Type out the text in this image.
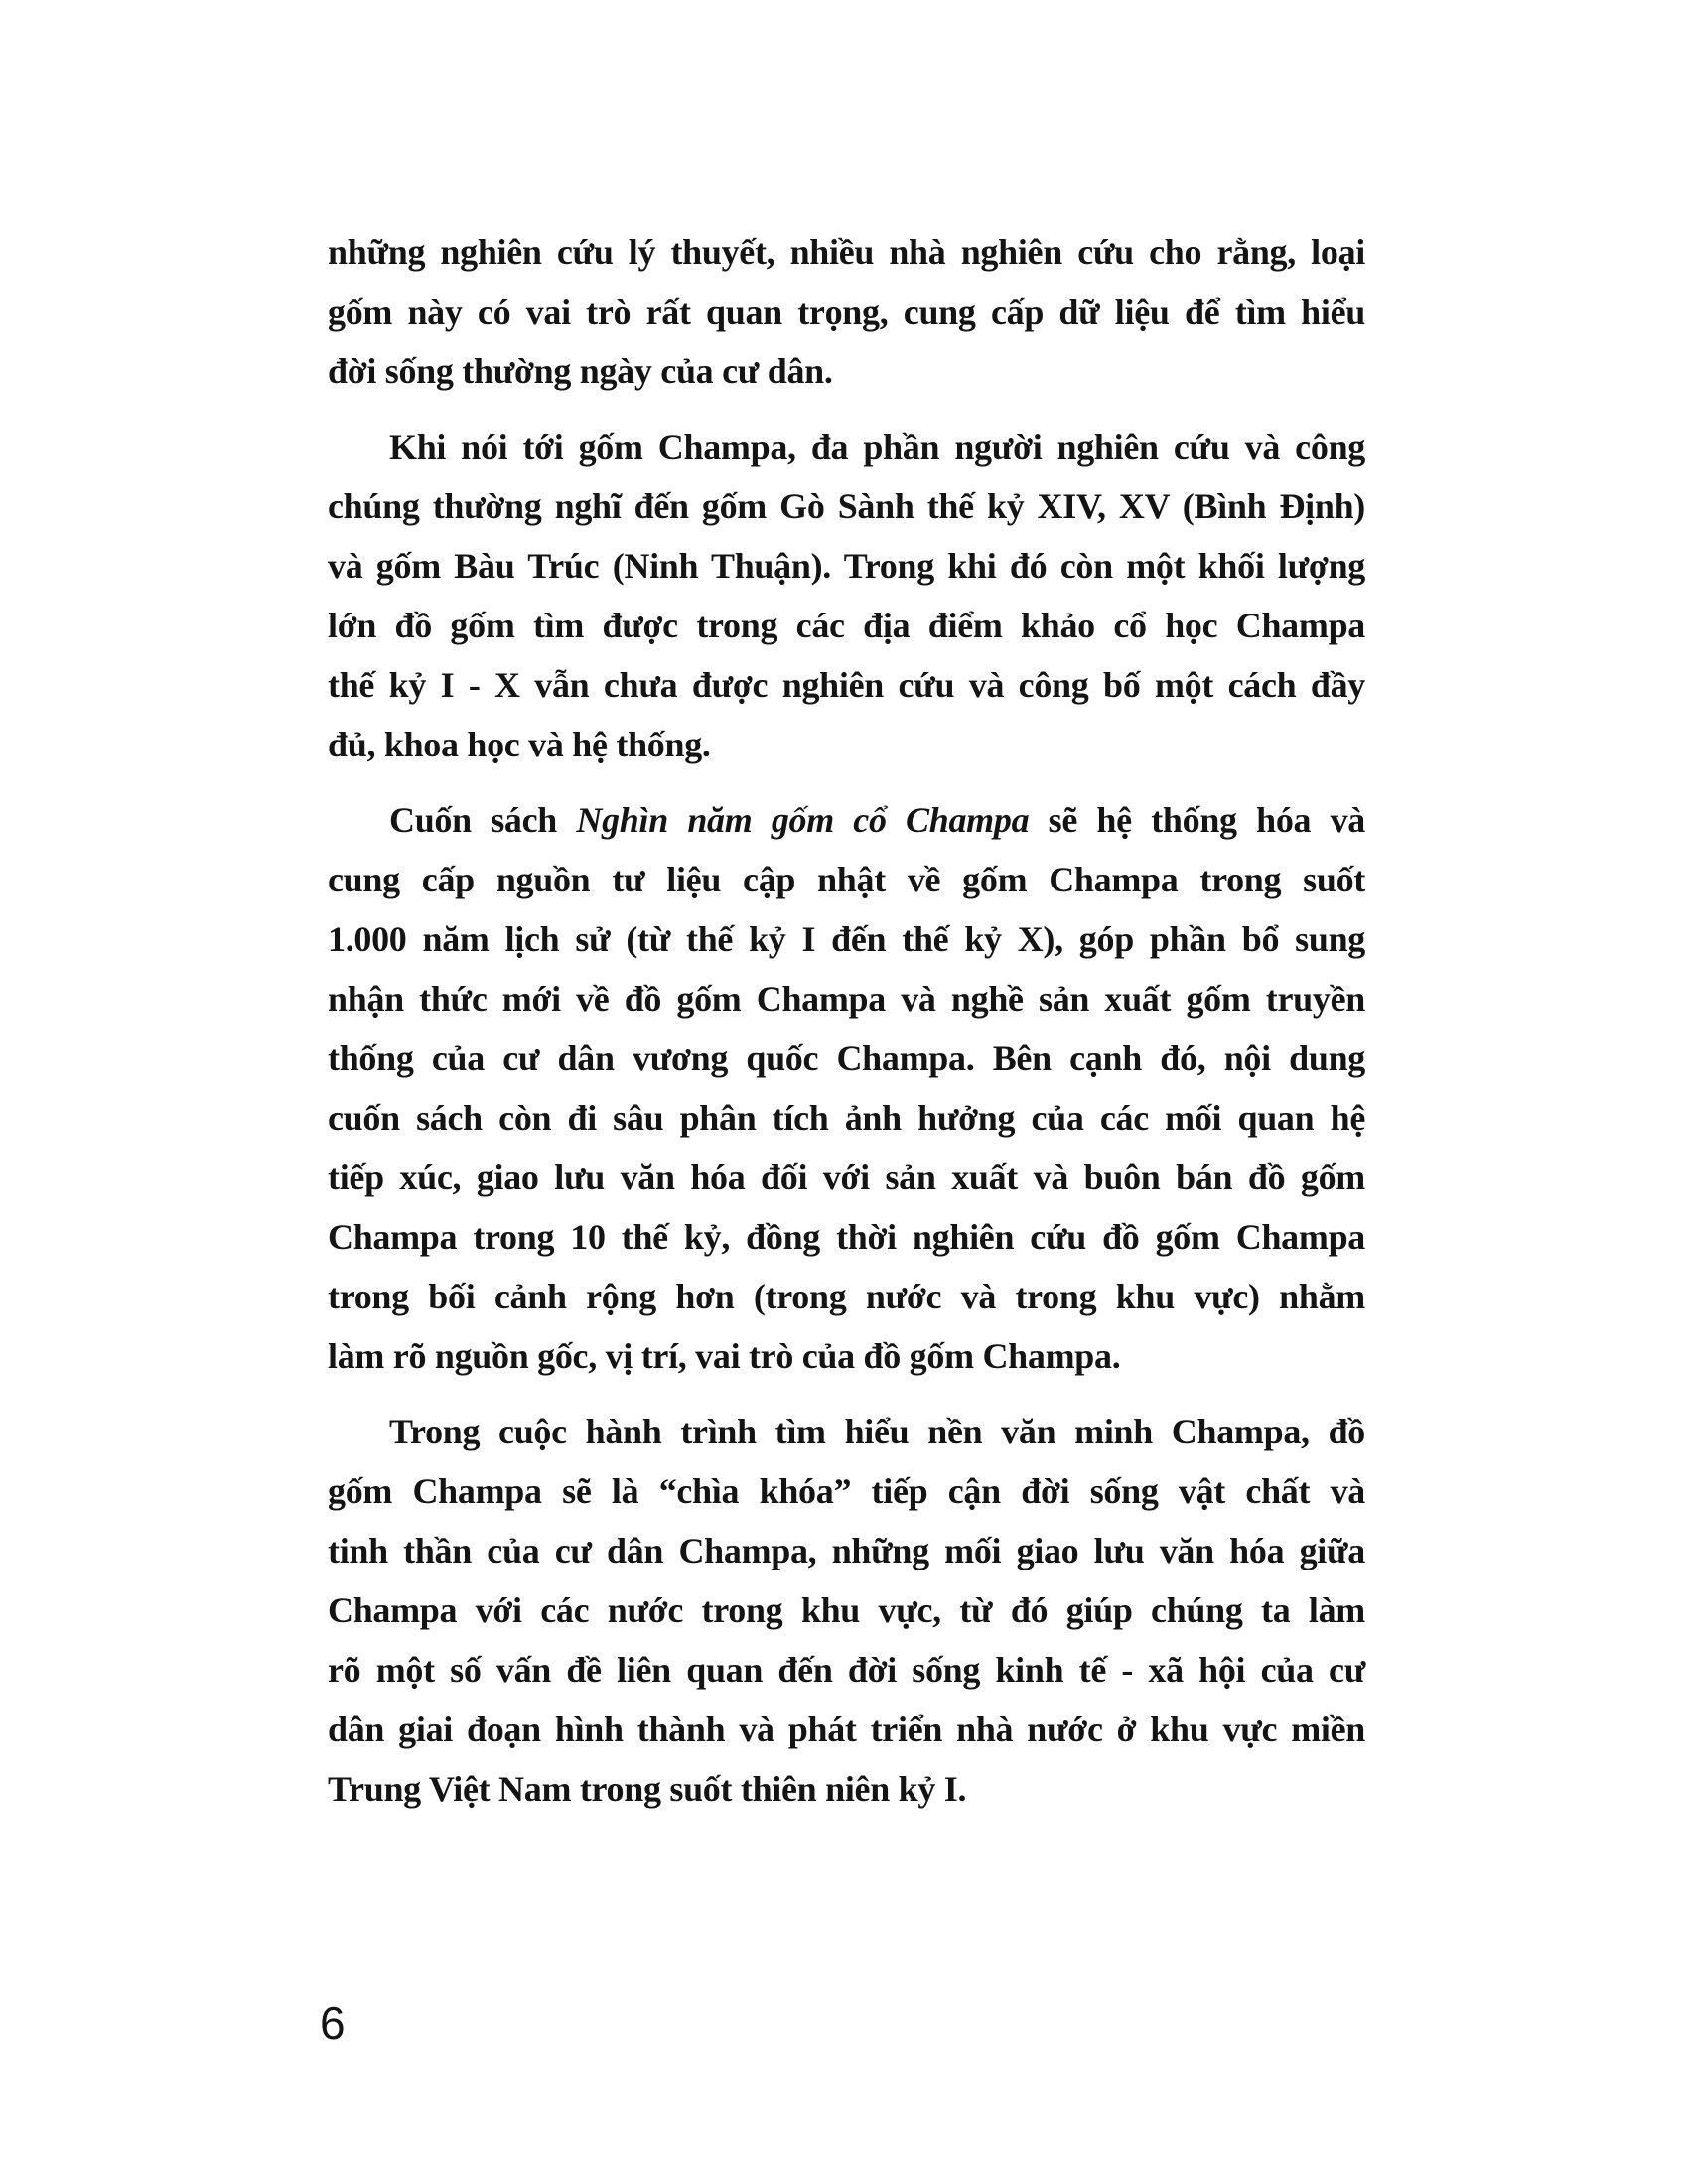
những nghiên cứu lý thuyết, nhiều nhà nghiên cứu cho rằng, loại
gốm này có vai trò rất quan trọng, cung cấp dữ liệu để tìm hiểu
đời sống thường ngày của cư dân.
Khi nói tới gốm Champa, đa phần người nghiên cứu và công
chúng thường nghĩ đến gốm Gò Sành thế kỷ XIV, XV (Bình Định)
và gốm Bàu Trúc (Ninh Thuận). Trong khi đó còn một khối lượng
lớn đồ gốm tìm được trong các địa điểm khảo cổ học Champa
thế kỷ I - X vẫn chưa được nghiên cứu và công bố một cách đầy
đủ, khoa học và hệ thống.
Cuốn sách Nghìn năm gốm cổ Champa sẽ hệ thống hóa và
cung cấp nguồn tư liệu cập nhật về gốm Champa trong suốt
1.000 năm lịch sử (từ thế kỷ I đến thế kỷ X), góp phần bổ sung
nhận thức mới về đồ gốm Champa và nghề sản xuất gốm truyền
thống của cư dân vương quốc Champa. Bên cạnh đó, nội dung
cuốn sách còn đi sâu phân tích ảnh hưởng của các mối quan hệ
tiếp xúc, giao lưu văn hóa đối với sản xuất và buôn bán đồ gốm
Champa trong 10 thế kỷ, đồng thời nghiên cứu đồ gốm Champa
trong bối cảnh rộng hơn (trong nước và trong khu vực) nhằm
làm rõ nguồn gốc, vị trí, vai trò của đồ gốm Champa.
Trong cuộc hành trình tìm hiểu nền văn minh Champa, đồ
gốm Champa sẽ là “chìa khóa” tiếp cận đời sống vật chất và
tinh thần của cư dân Champa, những mối giao lưu văn hóa giữa
Champa với các nước trong khu vực, từ đó giúp chúng ta làm
rõ một số vấn đề liên quan đến đời sống kinh tế - xã hội của cư
dân giai đoạn hình thành và phát triển nhà nước ở khu vực miền
Trung Việt Nam trong suốt thiên niên kỷ I.
6
